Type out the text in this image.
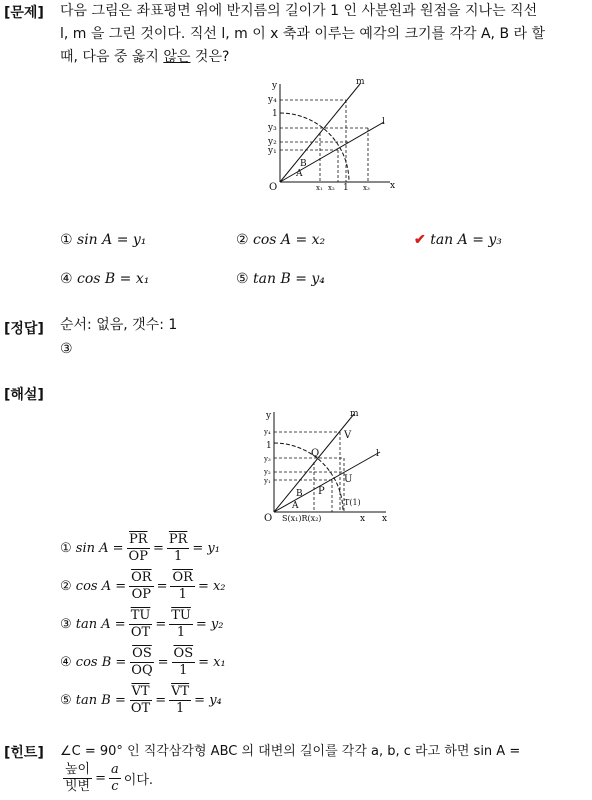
[문제] 다음 그림은 좌표평면 위에 반지름의 길이가 1 인 사분원과 원점을 지나는 직선
l, m 을 그린 것이다. 직선 l, m 이 x 축과 이루는 예각의 크기를 각각 A, B 라 할
때, 다음 중 옳지 않은 것은?
y
x
O
m
l
y₄
1
y₃
y₂
y₁
B
A
x₁ x₂ 1 x₃
① sin A = y₁	② cos A = x₂	✔ tan A = y₃
④ cos B = x₁	⑤ tan B = y₄
[정답] 순서: 없음, 갯수: 1
③
[해설]
y
x
O
m
l
y₄
1
y₃
y₂
y₁
Q
V
U
P
B
A
S(x₁)R(x₂)
T(1)
x
①
$\sin A = \frac{\overline{PR}}{OP} = \frac{\overline{PR}}{1} = y_1$
②
$\cos A = \frac{\overline{OR}}{OP} = \frac{\overline{OR}}{1} = x_2$
③
$\tan A = \frac{\overline{TU}}{OT} = \frac{\overline{TU}}{1} = y_2$
④
$\cos B = \frac{\overline{OS}}{OQ} = \frac{\overline{OS}}{1} = x_1$
⑤
$\tan B = \frac{\overline{VT}}{OT} = \frac{\overline{VT}}{1} = y_4$
[힌트] ∠C = 90° 인 직각삼각형 ABC 의 대변의 길이를 각각 a, b, c 라고 하면 sin A =
$\frac{\text{높이}}{\text{빗변}} = \frac{a}{c}$ 이다.
